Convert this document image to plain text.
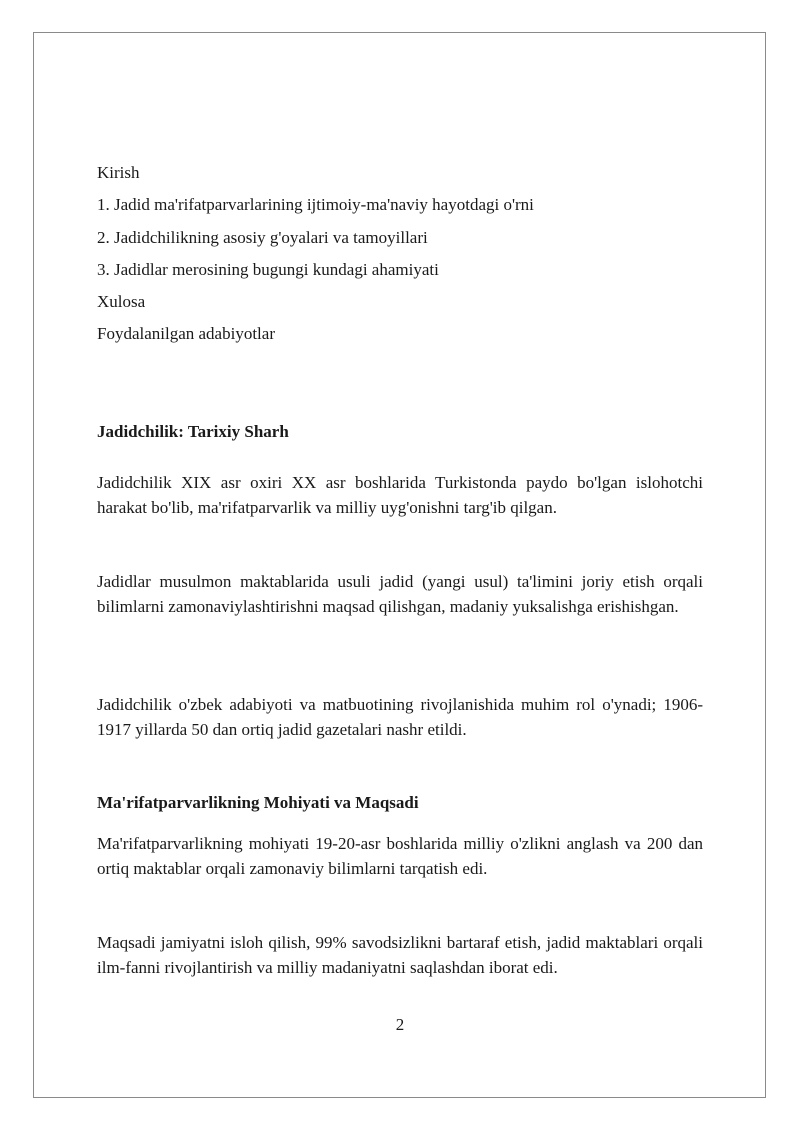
Kirish
1. Jadid ma'rifatparvarlarining ijtimoiy-ma'naviy hayotdagi o'rni
2. Jadidchilikning asosiy g'oyalari va tamoyillari
3. Jadidlar merosining bugungi kundagi ahamiyati
Xulosa
Foydalanilgan adabiyotlar
Jadidchilik: Tarixiy Sharh
Jadidchilik XIX asr oxiri XX asr boshlarida Turkistonda paydo bo'lgan islohotchi harakat bo'lib, ma'rifatparvarlik va milliy uyg'onishni targ'ib qilgan.
Jadidlar musulmon maktablarida usuli jadid (yangi usul) ta'limini joriy etish orqali bilimlarni zamonaviylashtirishni maqsad qilishgan, madaniy yuksalishga erishishgan.
Jadidchilik o'zbek adabiyoti va matbuotining rivojlanishida muhim rol o'ynadi; 1906-1917 yillarda 50 dan ortiq jadid gazetalari nashr etildi.
Ma'rifatparvarlikning Mohiyati va Maqsadi
Ma'rifatparvarlikning mohiyati 19-20-asr boshlarida milliy o'zlikni anglash va 200 dan ortiq maktablar orqali zamonaviy bilimlarni tarqatish edi.
Maqsadi jamiyatni isloh qilish, 99% savodsizlikni bartaraf etish, jadid maktablari orqali ilm-fanni rivojlantirish va milliy madaniyatni saqlashdan iborat edi.
2
